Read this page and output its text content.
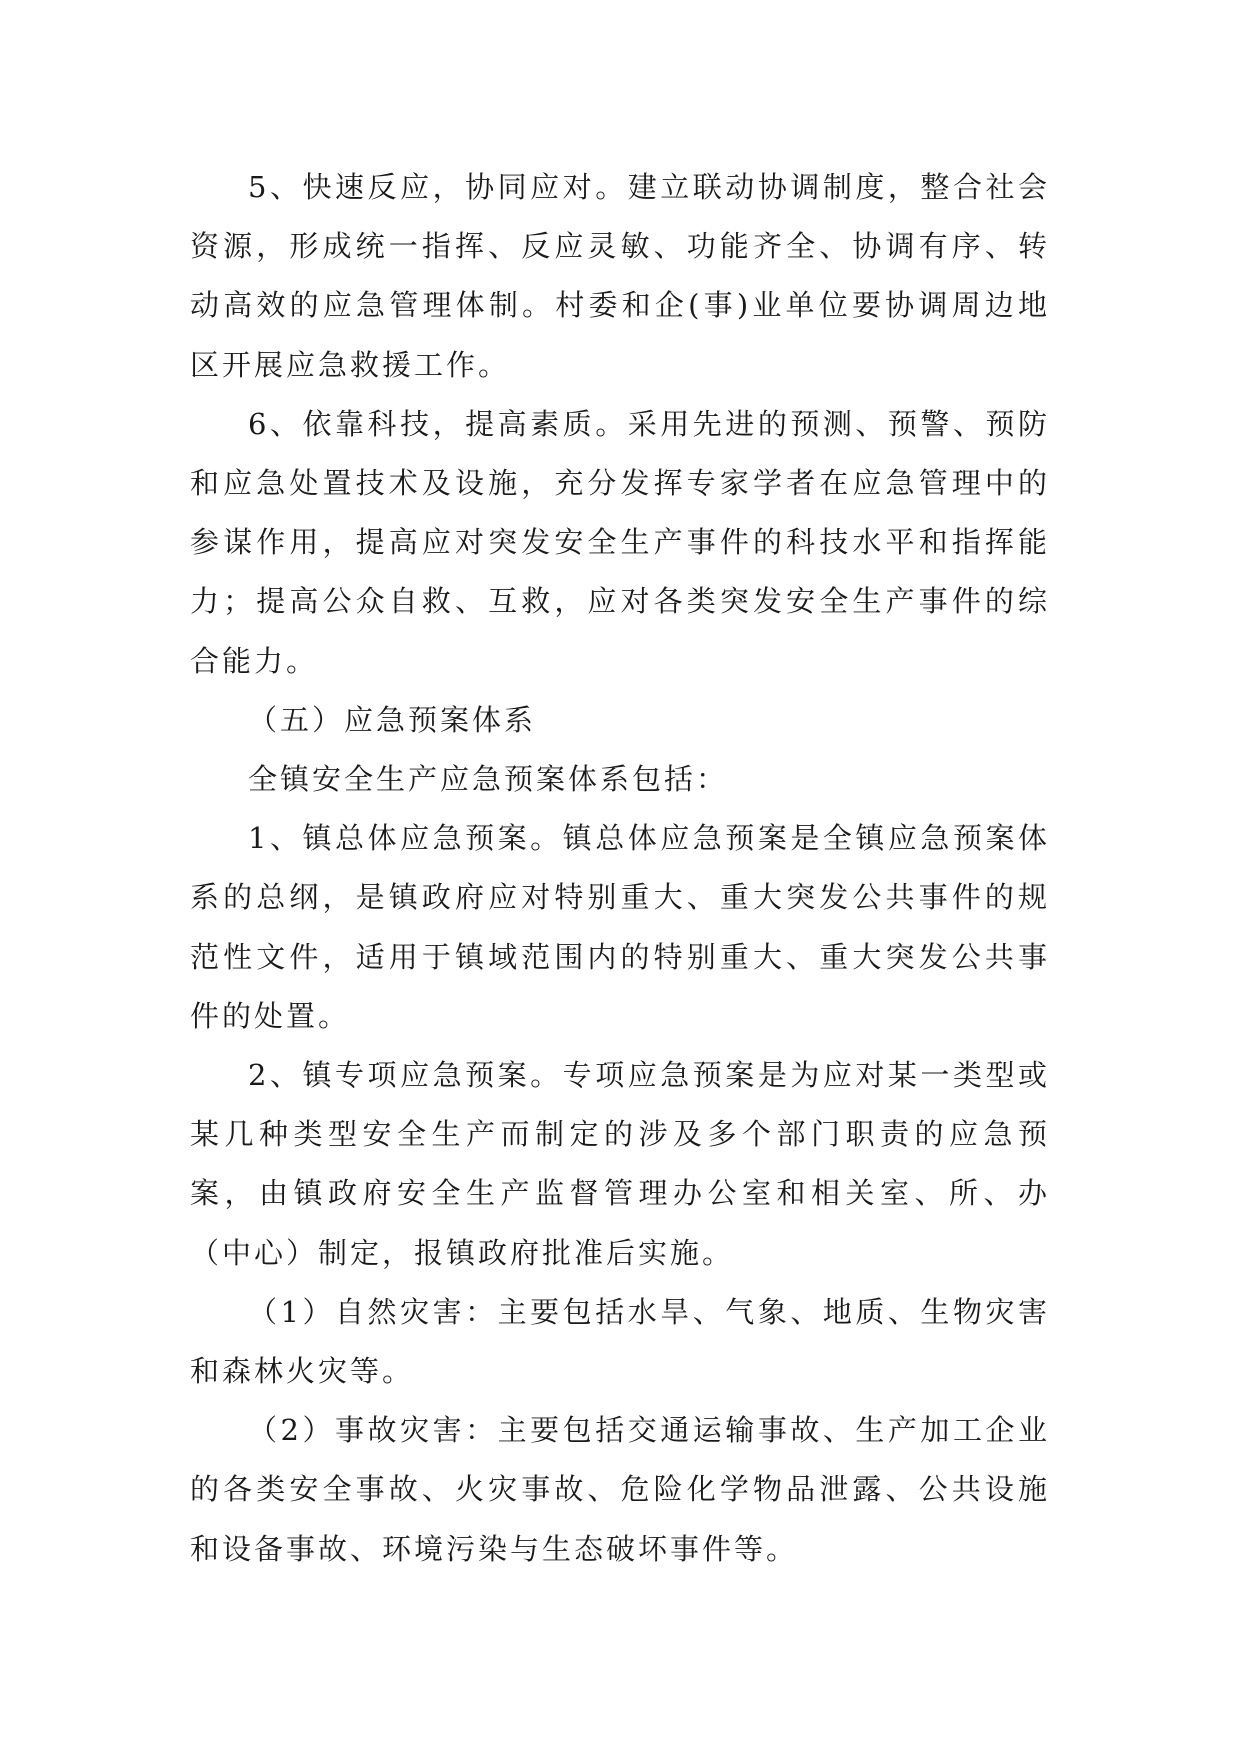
5、快速反应，协同应对。建立联动协调制度，整合社会资源，形成统一指挥、反应灵敏、功能齐全、协调有序、转动高效的应急管理体制。村委和企(事)业单位要协调周边地区开展应急救援工作。

6、依靠科技，提高素质。采用先进的预测、预警、预防和应急处置技术及设施，充分发挥专家学者在应急管理中的参谋作用，提高应对突发安全生产事件的科技水平和指挥能力；提高公众自救、互救，应对各类突发安全生产事件的综合能力。

（五）应急预案体系

全镇安全生产应急预案体系包括：

1、镇总体应急预案。镇总体应急预案是全镇应急预案体系的总纲，是镇政府应对特别重大、重大突发公共事件的规范性文件，适用于镇域范围内的特别重大、重大突发公共事件的处置。

2、镇专项应急预案。专项应急预案是为应对某一类型或某几种类型安全生产而制定的涉及多个部门职责的应急预案，由镇政府安全生产监督管理办公室和相关室、所、办（中心）制定，报镇政府批准后实施。

（1）自然灾害：主要包括水旱、气象、地质、生物灾害和森林火灾等。

（2）事故灾害：主要包括交通运输事故、生产加工企业的各类安全事故、火灾事故、危险化学物品泄露、公共设施和设备事故、环境污染与生态破坏事件等。
